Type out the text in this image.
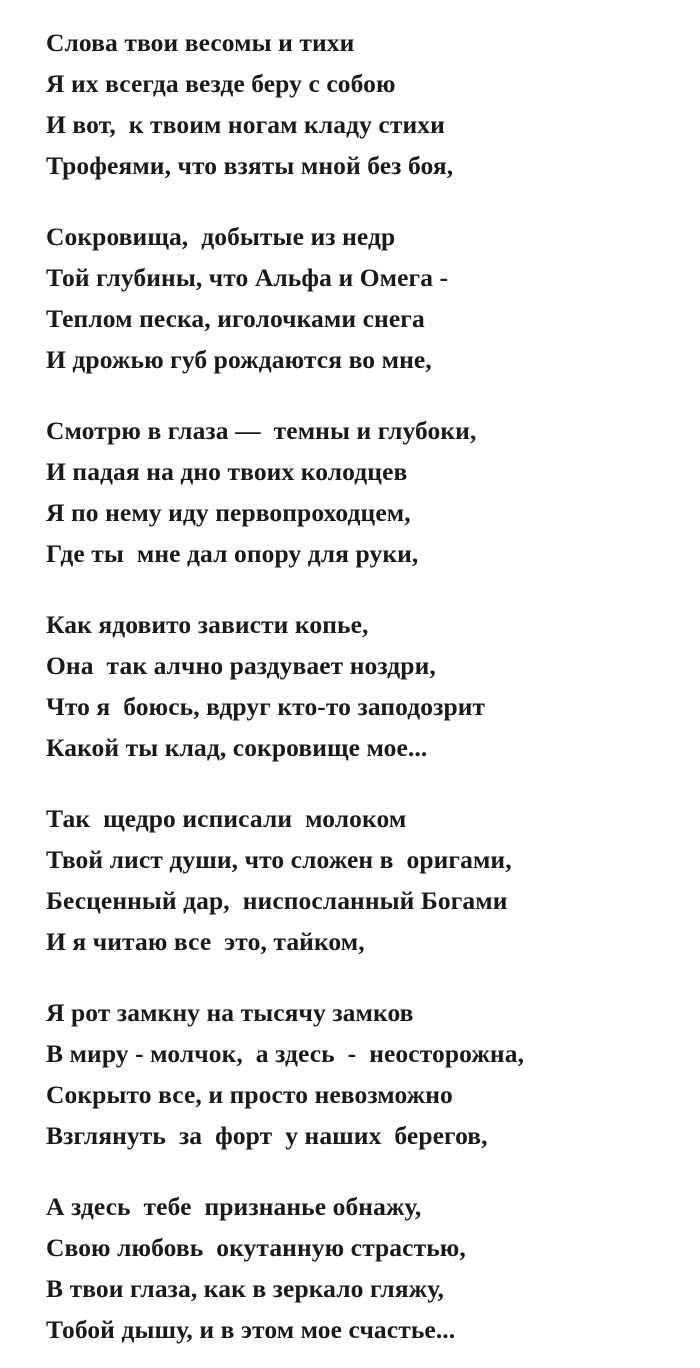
Слова твои весомы и тихи
Я их всегда везде беру с собою
И вот,  к твоим ногам кладу стихи
Трофеями, что взяты мной без боя,
Сокровища,  добытые из недр
Той глубины, что Альфа и Омега -
Теплом песка, иголочками снега
И дрожью губ рождаются во мне,
Смотрю в глаза —  темны и глубоки,
И падая на дно твоих колодцев
Я по нему иду первопроходцем,
Где ты  мне дал опору для руки,
Как ядовито зависти копье,
Она  так алчно раздувает ноздри,
Что я  боюсь, вдруг кто-то заподозрит
Какой ты клад, сокровище мое...
Так  щедро исписали  молоком
Твой лист души, что сложен в  оригами,
Бесценный дар,  ниспосланный Богами
И я читаю все  это, тайком,
Я рот замкну на тысячу замков
В миру - молчок,  а здесь  -  неосторожна,
Сокрыто все, и просто невозможно
Взглянуть  за  форт  у наших  берегов,
А здесь  тебе  признанье обнажу,
Свою любовь  окутанную страстью,
В твои глаза, как в зеркало гляжу,
Тобой дышу, и в этом мое счастье...
